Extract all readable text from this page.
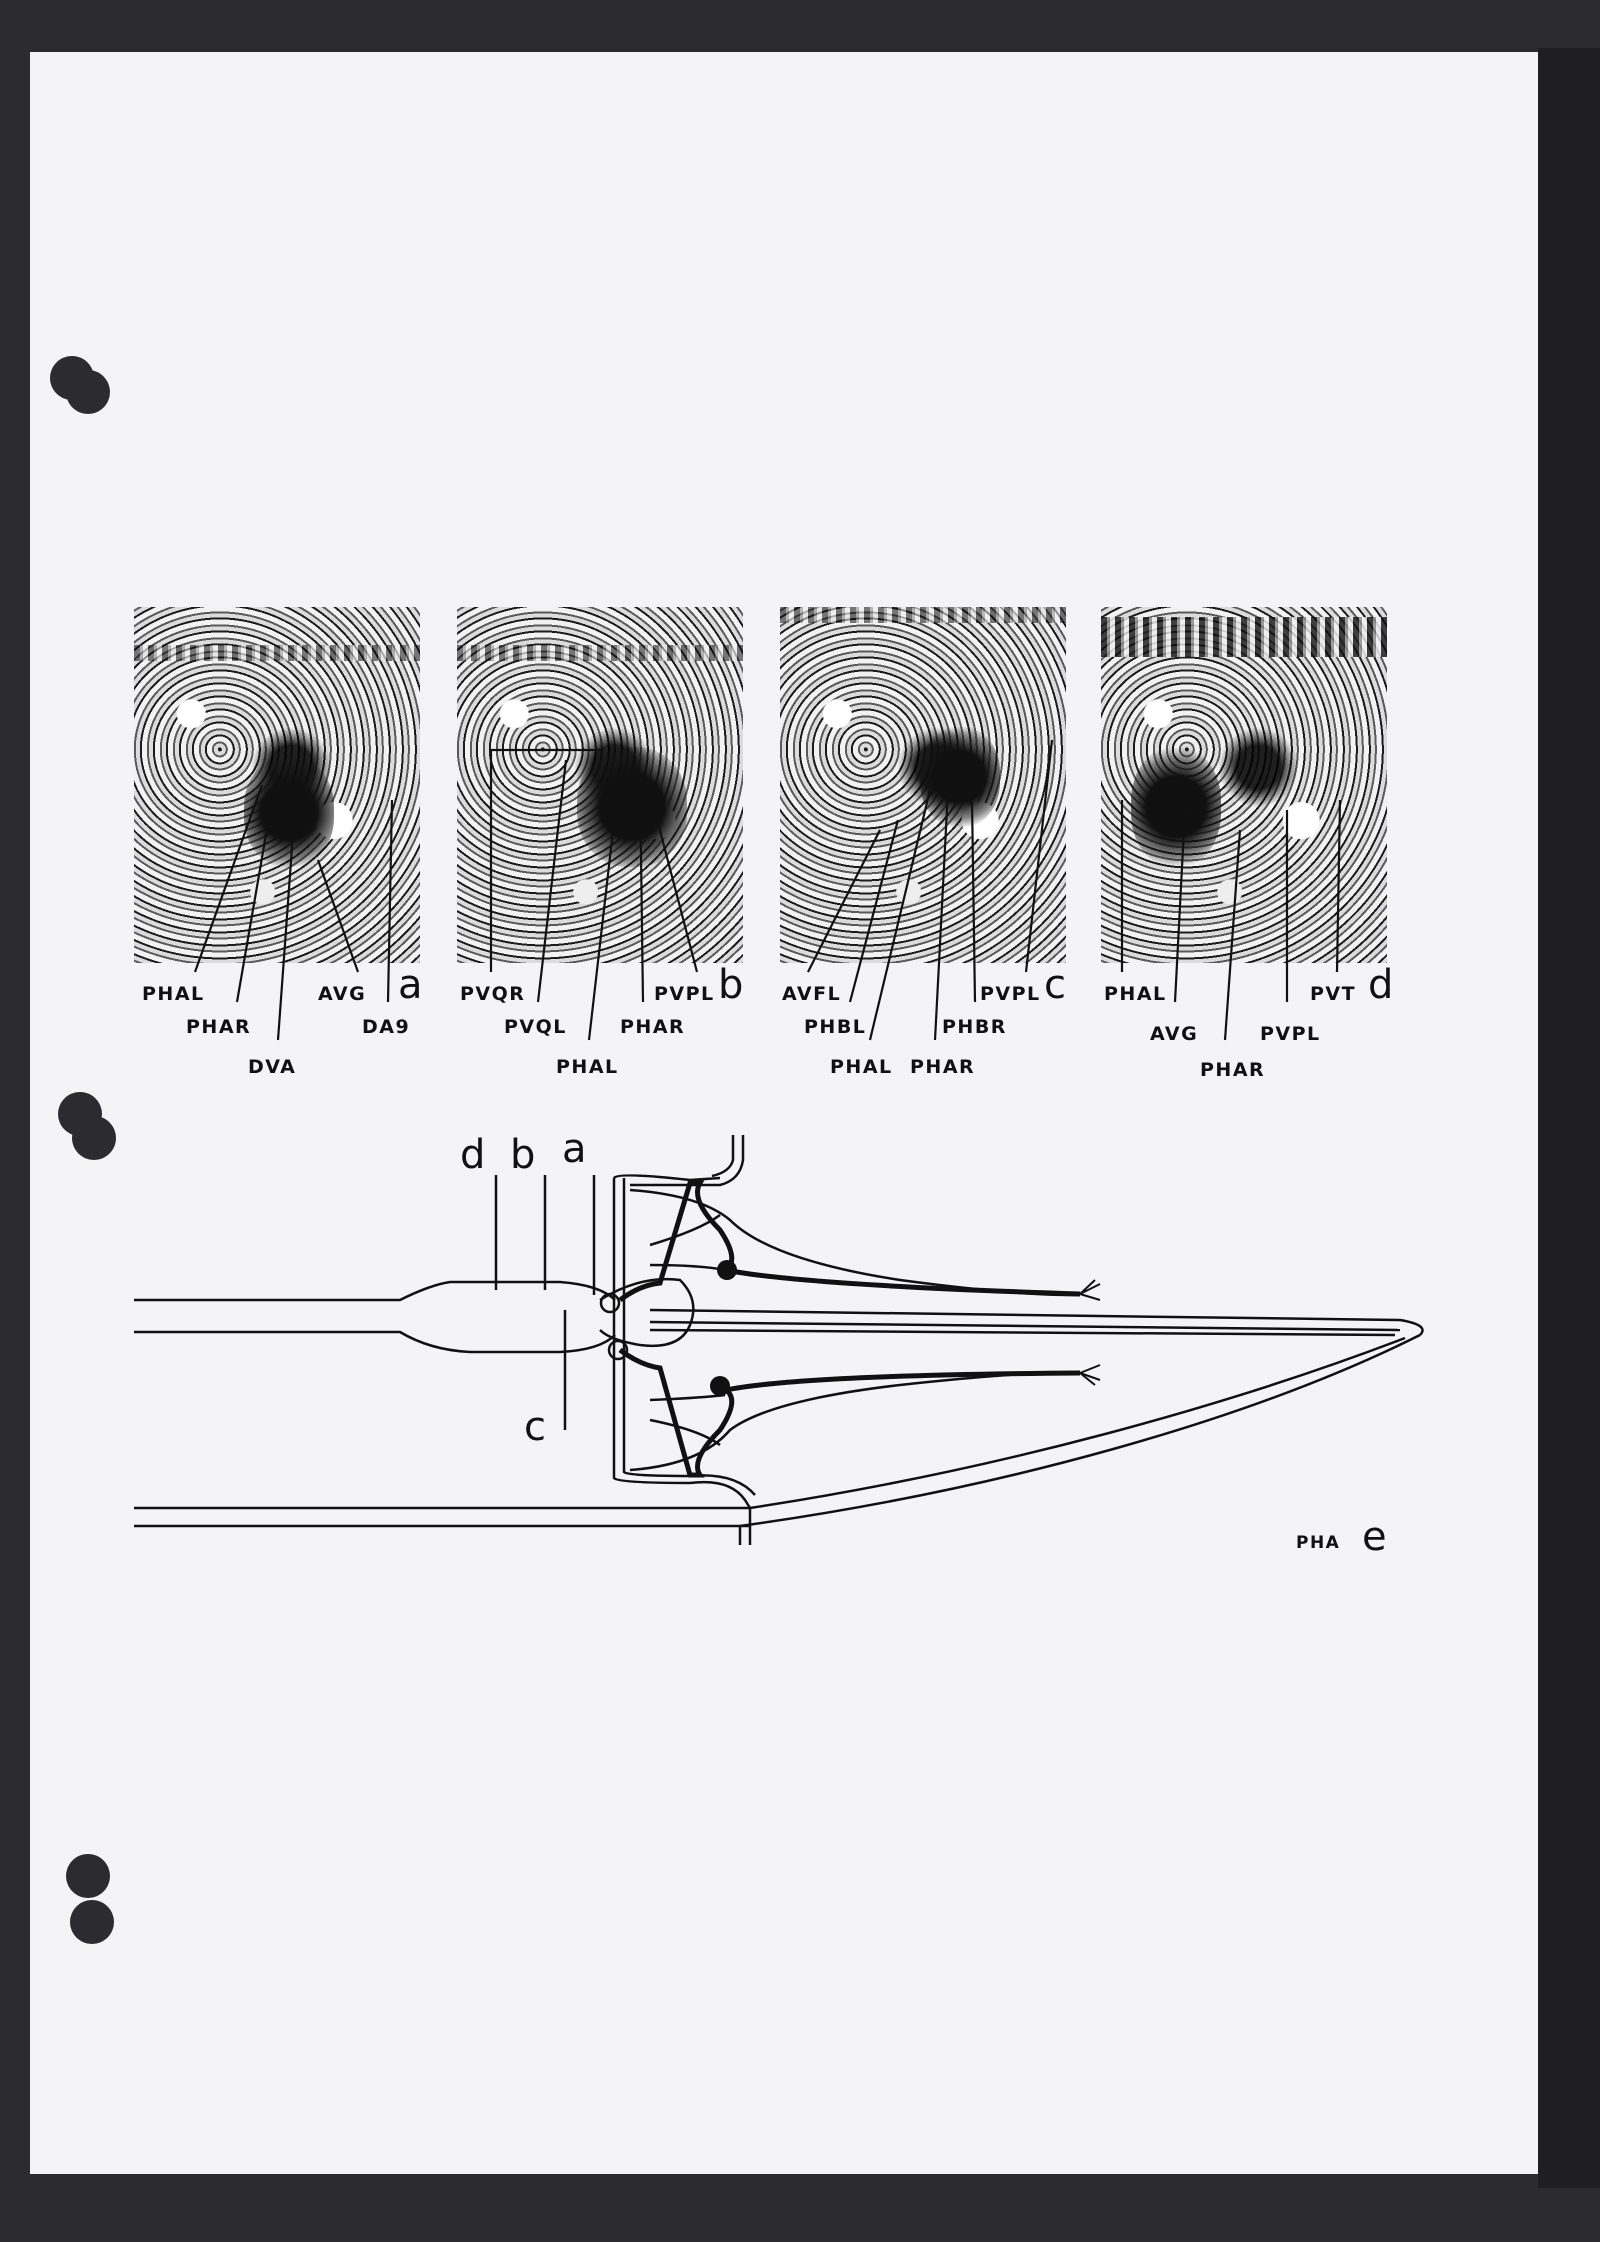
PHAL
PHAR
DVA
AVG
DA9
a PVQR
PVQL
PHAL
PHAR
PVPL b AVFL
PHBL
PHAL PHAR
PHBR
PVPL c PHAL
AVG
PHAR
PVPL
PVT d
d b a
c
PHA e
